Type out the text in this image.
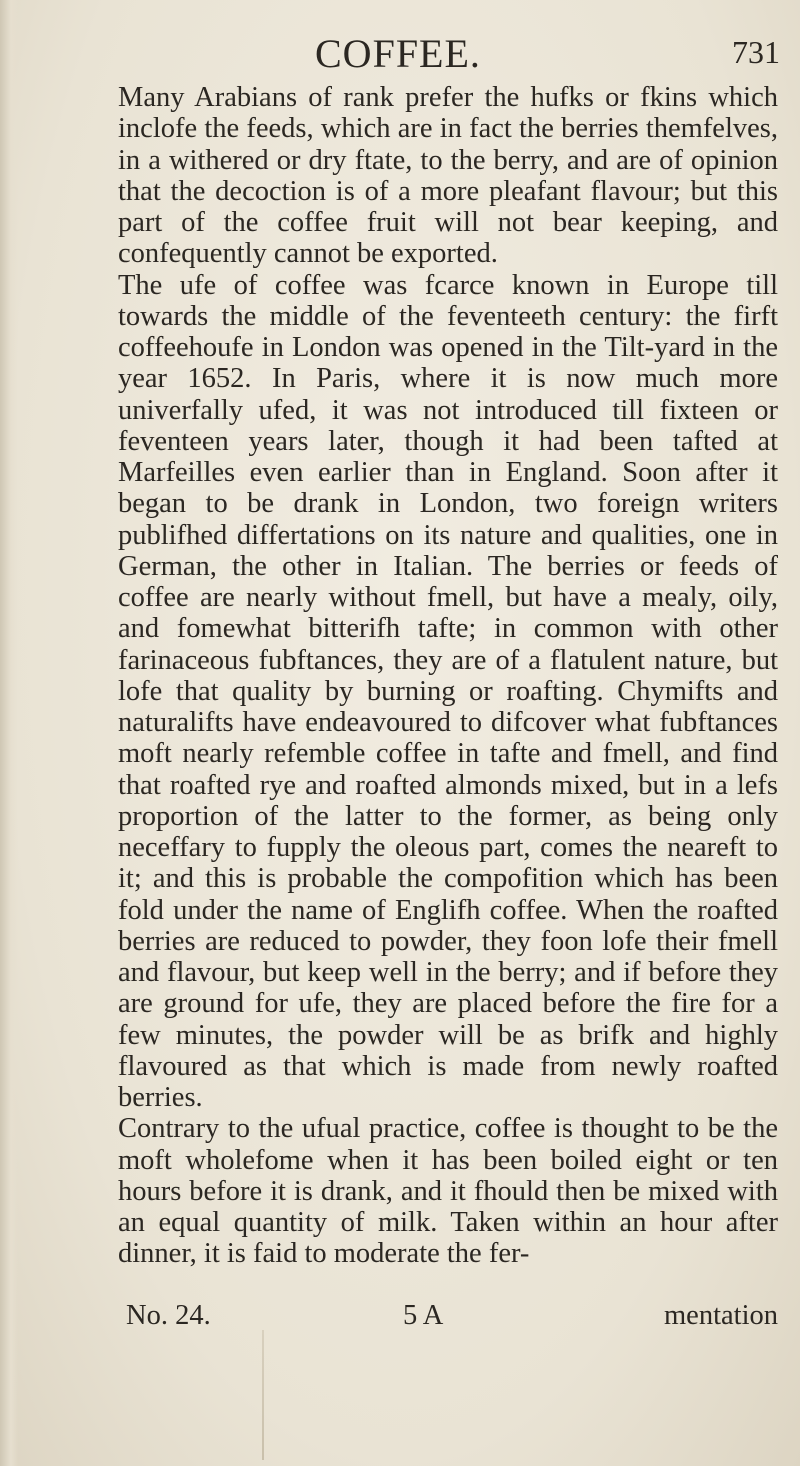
COFFEE.	731

Many Arabians of rank prefer the hufks or fkins which inclofe the feeds, which are in fact the berries themfelves, in a withered or dry ftate, to the berry, and are of opinion that the decoction is of a more pleafant flavour; but this part of the coffee fruit will not bear keeping, and confequently cannot be exported.

The ufe of coffee was fcarce known in Europe till towards the middle of the feventeeth century: the firft coffeehoufe in London was opened in the Tilt-yard in the year 1652. In Paris, where it is now much more univerfally ufed, it was not introduced till fixteen or feventeen years later, though it had been tafted at Marfeilles even earlier than in England. Soon after it began to be drank in London, two foreign writers publifhed differtations on its nature and qualities, one in German, the other in Italian. The berries or feeds of coffee are nearly without fmell, but have a mealy, oily, and fomewhat bitterifh tafte; in common with other farinaceous fubftances, they are of a flatulent nature, but lofe that quality by burning or roafting. Chymifts and naturalifts have endeavoured to difcover what fubftances moft nearly refemble coffee in tafte and fmell, and find that roafted rye and roafted almonds mixed, but in a lefs proportion of the latter to the former, as being only neceffary to fupply the oleous part, comes the neareft to it; and this is probable the compofition which has been fold under the name of Englifh coffee. When the roafted berries are reduced to powder, they foon lofe their fmell and flavour, but keep well in the berry; and if before they are ground for ufe, they are placed before the fire for a few minutes, the powder will be as brifk and highly flavoured as that which is made from newly roafted berries.

Contrary to the ufual practice, coffee is thought to be the moft wholefome when it has been boiled eight or ten hours before it is drank, and it fhould then be mixed with an equal quantity of milk. Taken within an hour after dinner, it is faid to moderate the fer-

No. 24.	5 A	mentation
